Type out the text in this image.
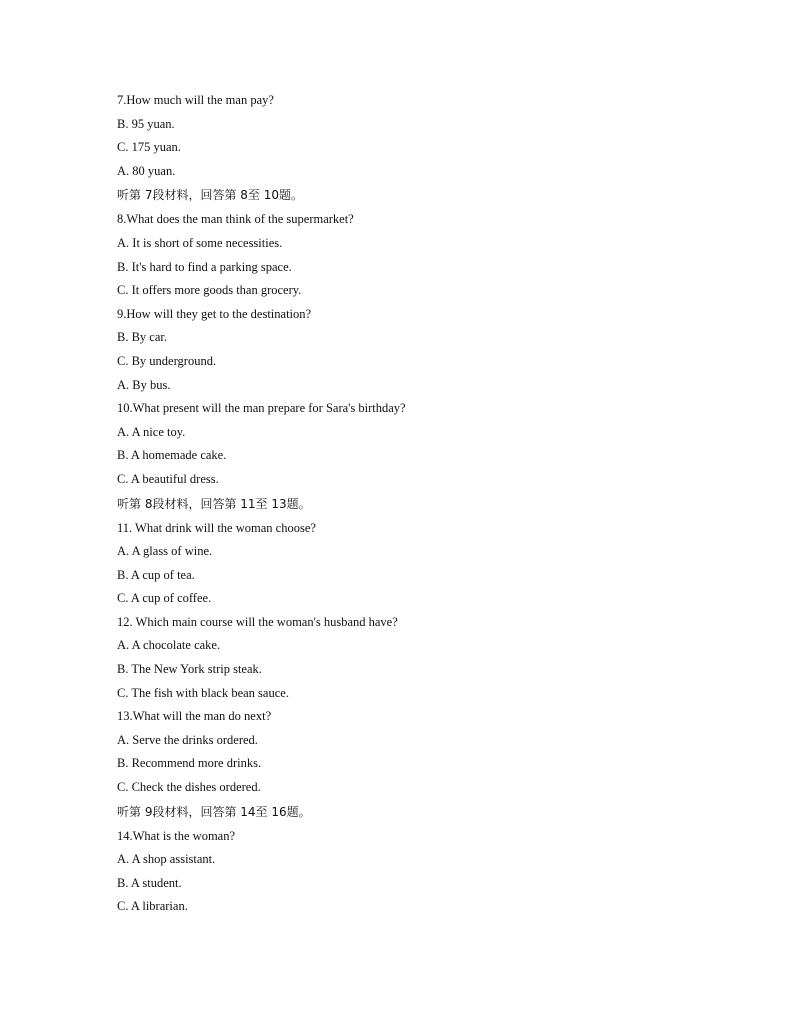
7.How much will the man pay?
B. 95 yuan.
C. 175 yuan.
A. 80 yuan.
听第 7段材料，回答第 8至 10题。
8.What does the man think of the supermarket?
A. It is short of some necessities.
B. It's hard to find a parking space.
C. It offers more goods than grocery.
9.How will they get to the destination?
B. By car.
C. By underground.
A. By bus.
10.What present will the man prepare for Sara's birthday?
A. A nice toy.
B. A homemade cake.
C. A beautiful dress.
听第 8段材料，回答第 11至 13题。
11. What drink will the woman choose?
A. A glass of wine.
B. A cup of tea.
C. A cup of coffee.
12. Which main course will the woman's husband have?
A. A chocolate cake.
B. The New York strip steak.
C. The fish with black bean sauce.
13.What will the man do next?
A. Serve the drinks ordered.
B. Recommend more drinks.
C. Check the dishes ordered.
听第 9段材料，回答第 14至 16题。
14.What is the woman?
A. A shop assistant.
B. A student.
C. A librarian.
